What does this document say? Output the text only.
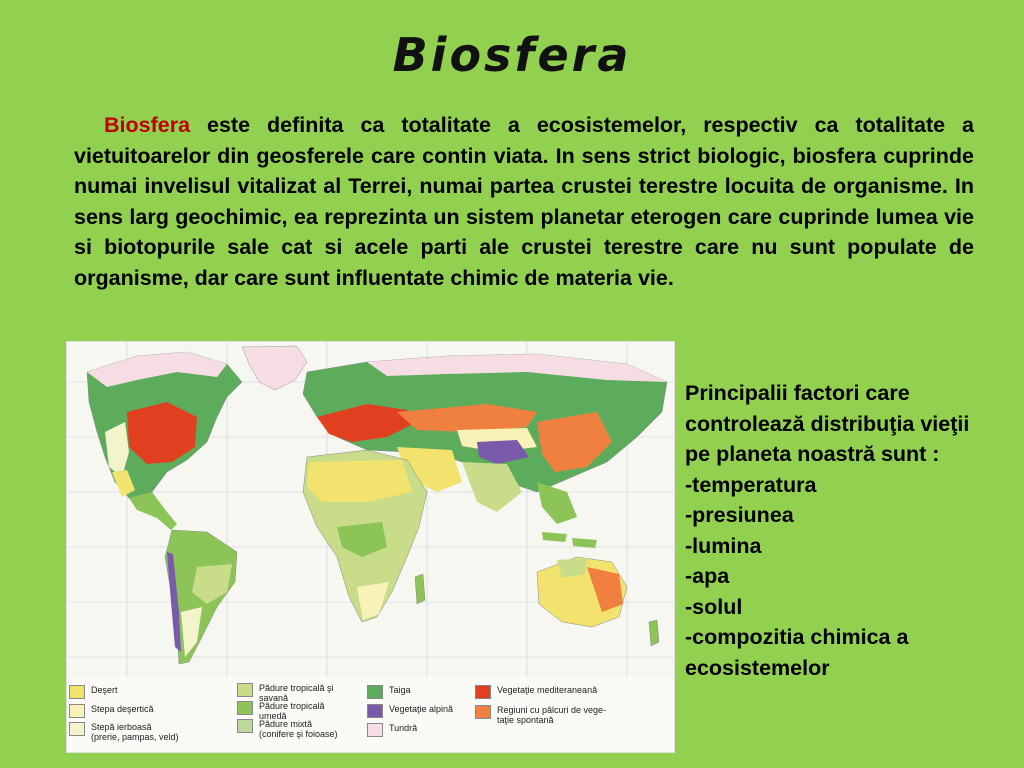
Biosfera
Biosfera este definita ca totalitate a ecosistemelor, respectiv ca totalitate a vietuitoarelor din geosferele care contin viata. In sens strict biologic, biosfera cuprinde numai invelisul vitalizat al Terrei, numai partea crustei terestre locuita de organisme. In sens larg geochimic, ea reprezinta un sistem planetar eterogen care cuprinde lumea vie si biotopurile sale cat si acele parti ale crustei terestre care nu sunt populate de organisme, dar care sunt influentate chimic de materia vie.
Deşert
Stepa deşertică
Stepă ierboasă
(prerie, pampas, veld)
Pădure tropicală şi
savană
Pădure tropicală
umedă
Pădure mixtă
(conifere şi foioase)
Taiga
Vegetaţie alpină
Tundră
Vegetaţie mediteraneană
Regiuni cu pâlcuri de vege-
taţie spontană
Principalii factori care controlează distribuţia vieţii pe planeta noastră sunt :
-temperatura
-presiunea
-lumina
-apa
-solul
-compozitia chimica a ecosistemelor
